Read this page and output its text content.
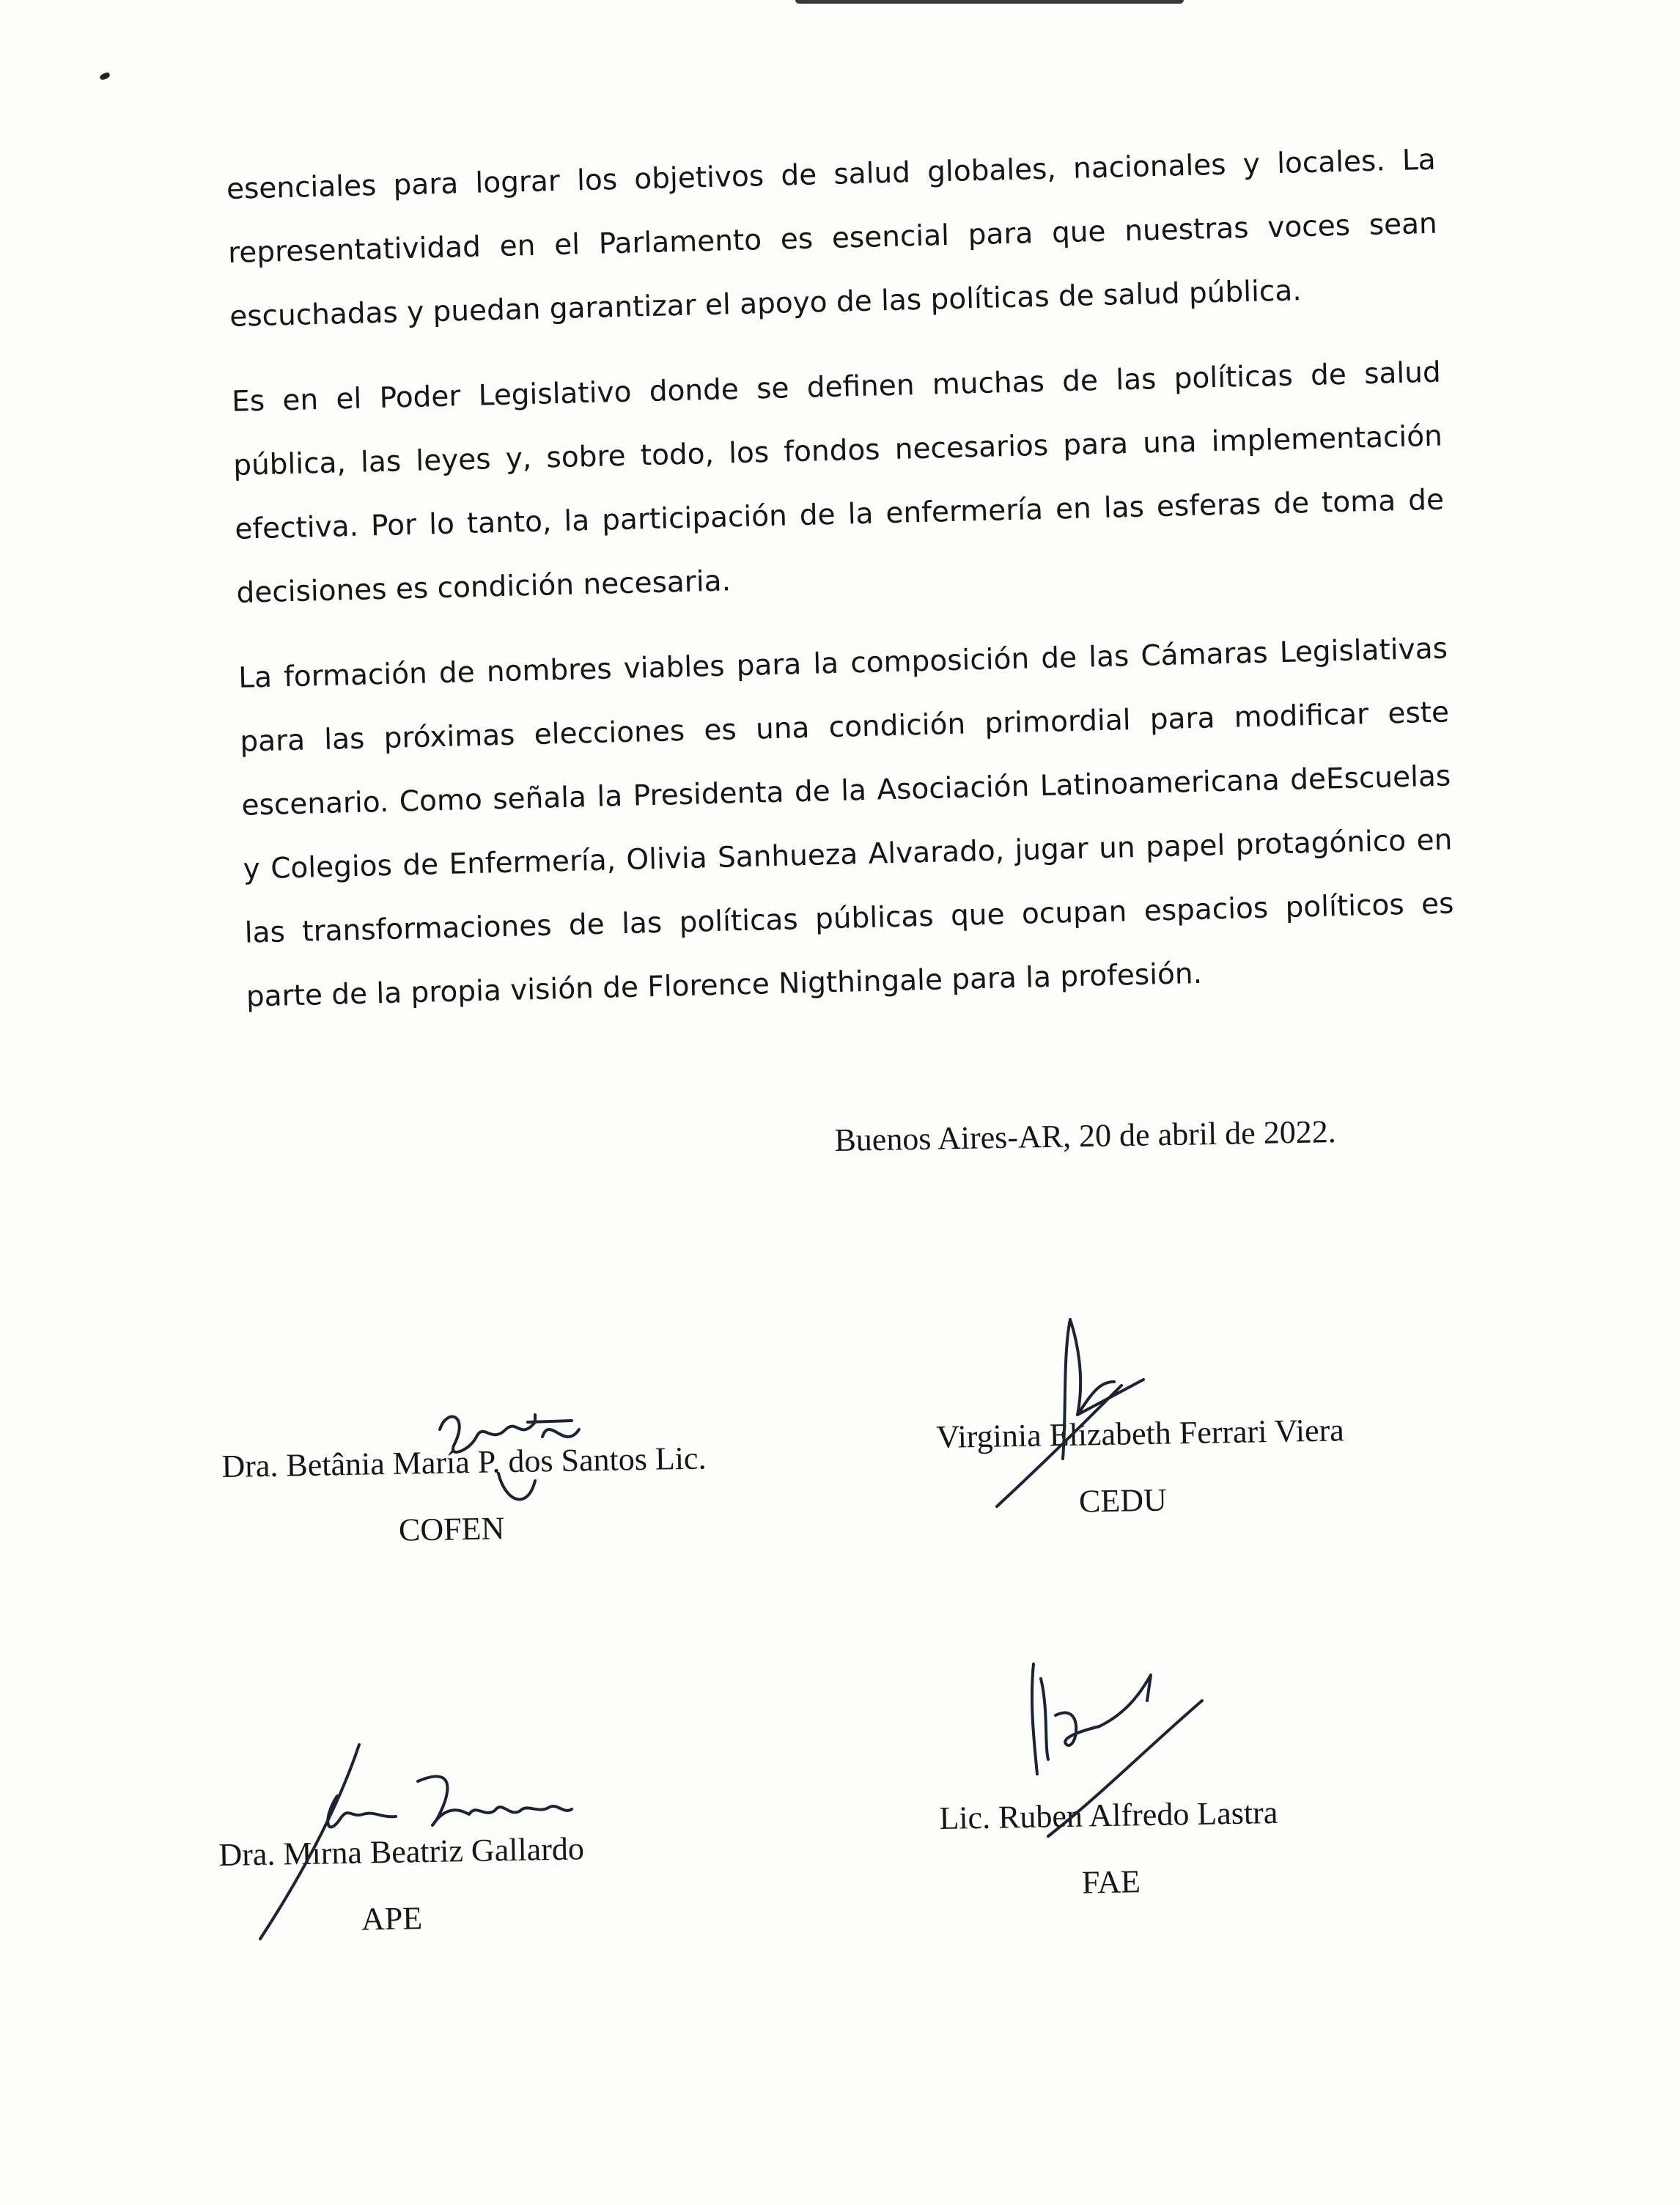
esenciales para lograr los objetivos de salud globales, nacionales y locales. La representatividad en el Parlamento es esencial para que nuestras voces sean escuchadas y puedan garantizar el apoyo de las políticas de salud pública.

Es en el Poder Legislativo donde se definen muchas de las políticas de salud pública, las leyes y, sobre todo, los fondos necesarios para una implementación efectiva. Por lo tanto, la participación de la enfermería en las esferas de toma de decisiones es condición necesaria.

La formación de nombres viables para la composición de las Cámaras Legislativas para las próximas elecciones es una condición primordial para modificar este escenario. Como señala la Presidenta de la Asociación Latinoamericana deEscuelas y Colegios de Enfermería, Olivia Sanhueza Alvarado, jugar un papel protagónico en las transformaciones de las políticas públicas que ocupan espacios políticos es parte de la propia visión de Florence Nigthingale para la profesión.

Buenos Aires-AR, 20 de abril de 2022.
Dra. Betânia María P. dos Santos Lic.
COFEN
Virginia Elizabeth Ferrari Viera
CEDU
Dra. Mirna Beatriz Gallardo
APE
Lic. Ruben Alfredo Lastra
FAE
